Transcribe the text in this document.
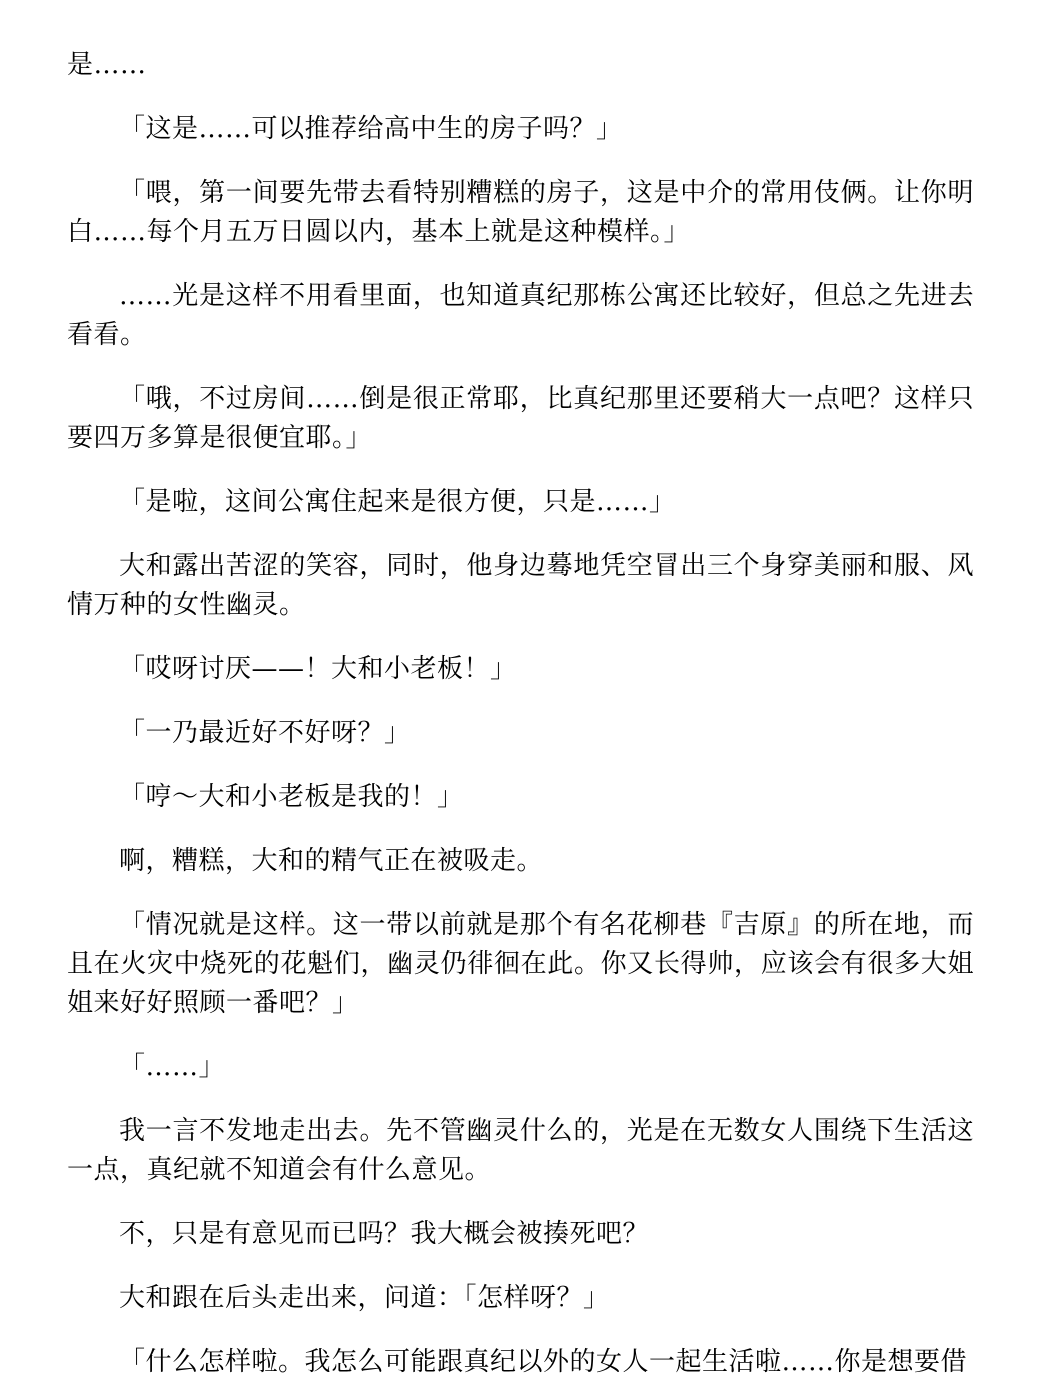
是……

「这是……可以推荐给高中生的房子吗？」

「喂，第一间要先带去看特别糟糕的房子，这是中介的常用伎俩。让你明白……每个月五万日圆以内，基本上就是这种模样。」

……光是这样不用看里面，也知道真纪那栋公寓还比较好，但总之先进去看看。

「哦，不过房间……倒是很正常耶，比真纪那里还要稍大一点吧？这样只要四万多算是很便宜耶。」

「是啦，这间公寓住起来是很方便，只是……」

大和露出苦涩的笑容，同时，他身边蓦地凭空冒出三个身穿美丽和服、风情万种的女性幽灵。

「哎呀讨厌——！大和小老板！」

「一乃最近好不好呀？」

「哼～大和小老板是我的！」

啊，糟糕，大和的精气正在被吸走。

「情况就是这样。这一带以前就是那个有名花柳巷『吉原』的所在地，而且在火灾中烧死的花魁们，幽灵仍徘徊在此。你又长得帅，应该会有很多大姐姐来好好照顾一番吧？」

「……」

我一言不发地走出去。先不管幽灵什么的，光是在无数女人围绕下生活这一点，真纪就不知道会有什么意见。

不，只是有意见而已吗？我大概会被揍死吧？

大和跟在后头走出来，问道：「怎样呀？」

「什么怎样啦。我怎么可能跟真纪以外的女人一起生活啦……你是想要借
